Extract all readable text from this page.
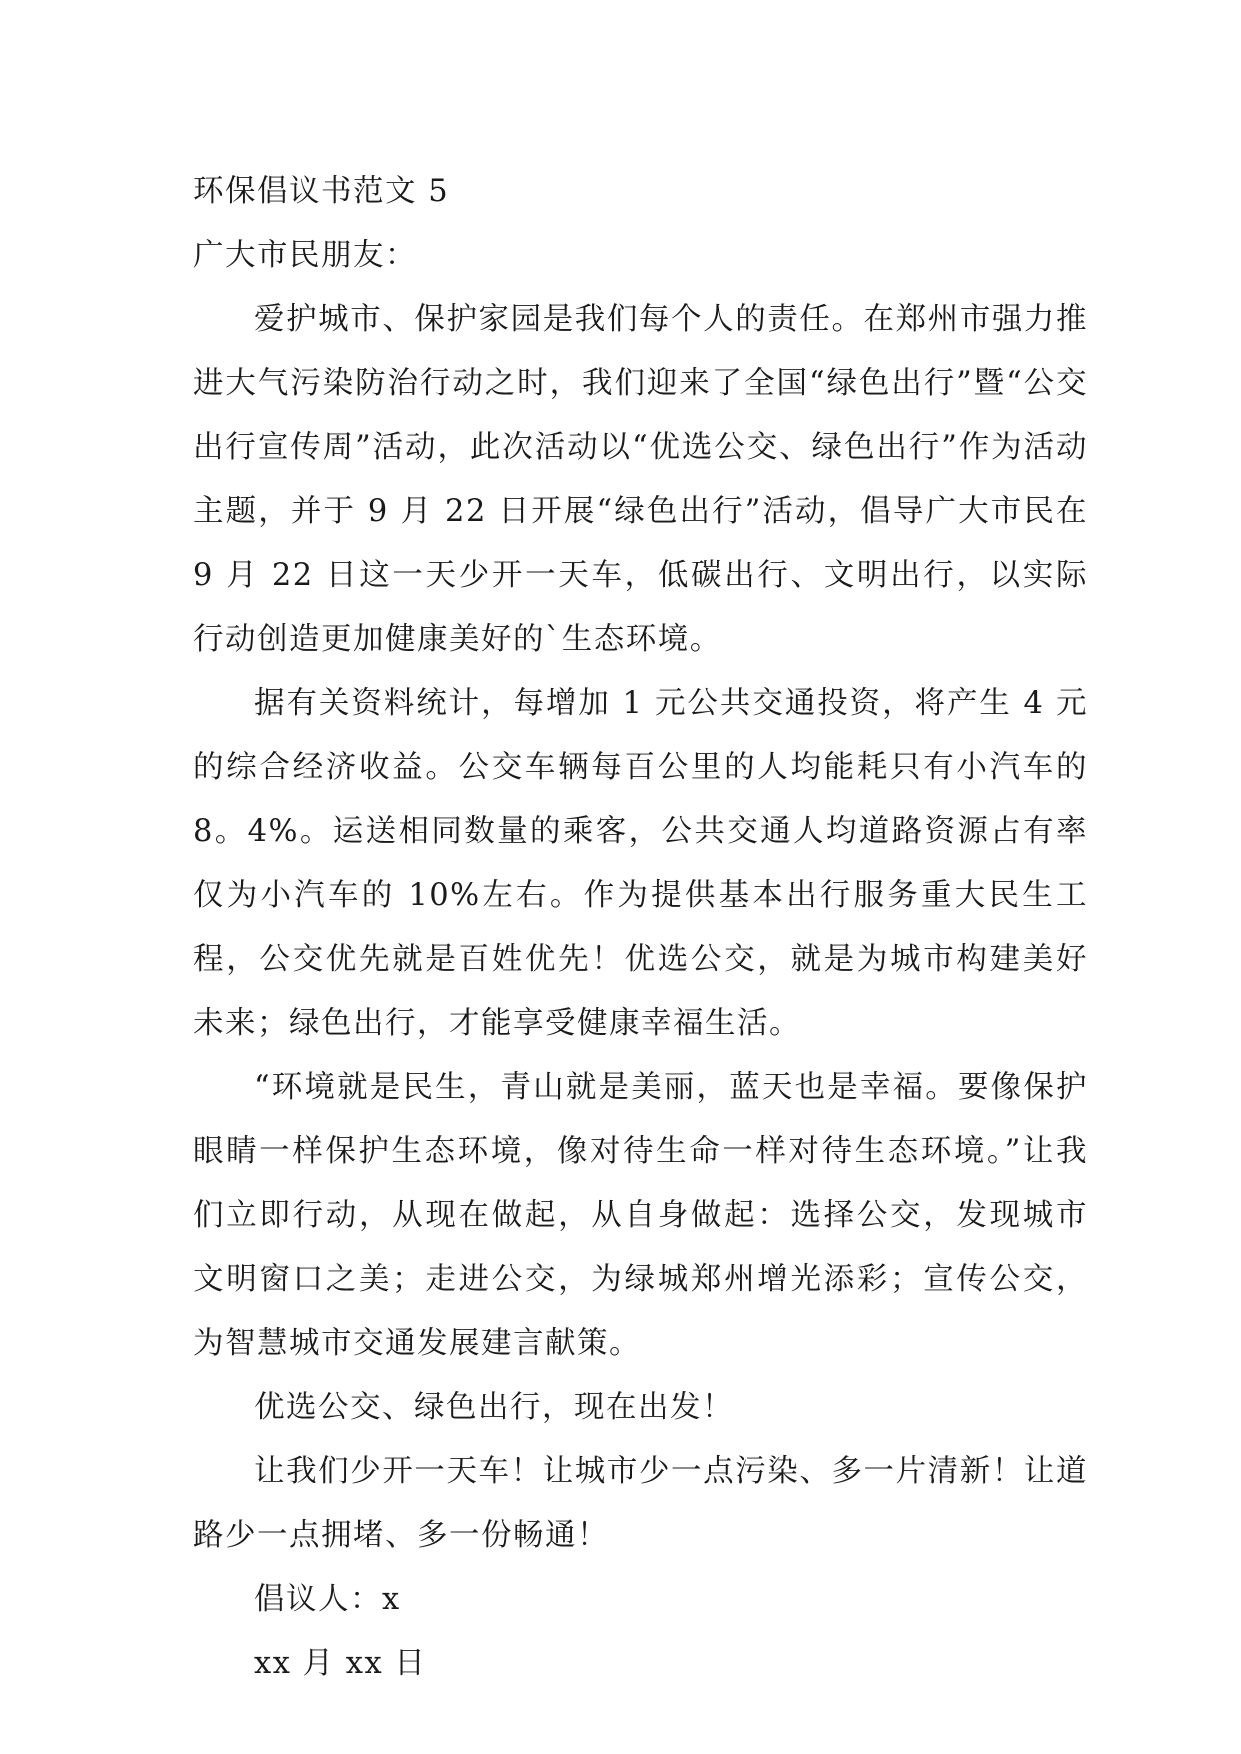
环保倡议书范文 5

广大市民朋友：

爱护城市、保护家园是我们每个人的责任。在郑州市强力推进大气污染防治行动之时，我们迎来了全国“绿色出行”暨“公交出行宣传周”活动，此次活动以“优选公交、绿色出行”作为活动主题，并于 9 月 22 日开展“绿色出行”活动，倡导广大市民在 9 月 22 日这一天少开一天车，低碳出行、文明出行，以实际行动创造更加健康美好的`生态环境。

据有关资料统计，每增加 1 元公共交通投资，将产生 4 元的综合经济收益。公交车辆每百公里的人均能耗只有小汽车的 8。4%。运送相同数量的乘客，公共交通人均道路资源占有率仅为小汽车的 10%左右。作为提供基本出行服务重大民生工程，公交优先就是百姓优先！优选公交，就是为城市构建美好未来；绿色出行，才能享受健康幸福生活。

“环境就是民生，青山就是美丽，蓝天也是幸福。要像保护眼睛一样保护生态环境，像对待生命一样对待生态环境。”让我们立即行动，从现在做起，从自身做起：选择公交，发现城市文明窗口之美；走进公交，为绿城郑州增光添彩；宣传公交，为智慧城市交通发展建言献策。

优选公交、绿色出行，现在出发！

让我们少开一天车！让城市少一点污染、多一片清新！让道路少一点拥堵、多一份畅通！

倡议人：x

xx 月 xx 日
